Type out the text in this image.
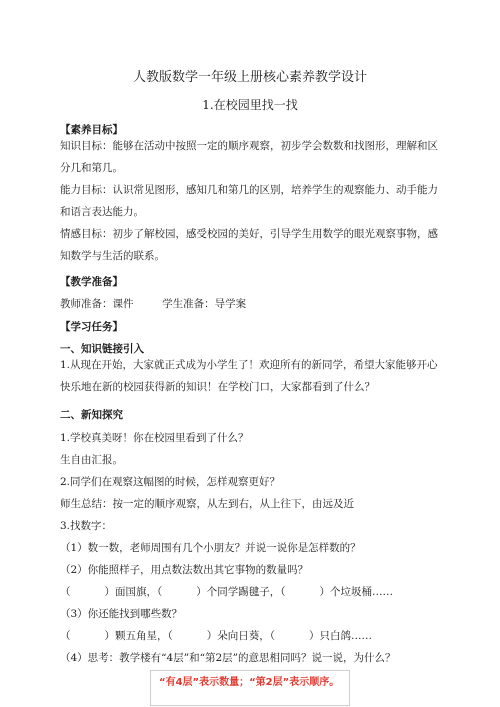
人教版数学一年级上册核心素养教学设计
1.在校园里找一找
【素养目标】
知识目标：能够在活动中按照一定的顺序观察，初步学会数数和找图形，理解和区分几和第几。
能力目标：认识常见图形，感知几和第几的区别，培养学生的观察能力、动手能力和语言表达能力。
情感目标：初步了解校园，感受校园的美好，引导学生用数学的眼光观察事物，感知数学与生活的联系。
【教学准备】
教师准备：课件	学生准备：导学案
【学习任务】
一、知识链接引入
1.从现在开始，大家就正式成为小学生了！欢迎所有的新同学，希望大家能够开心快乐地在新的校园获得新的知识！在学校门口，大家都看到了什么？
二、新知探究
1.学校真美呀！你在校园里看到了什么？
生自由汇报。
2.同学们在观察这幅图的时候，怎样观察更好？
师生总结：按一定的顺序观察，从左到右，从上往下，由远及近
3.找数字：
（1）数一数，老师周围有几个小朋友？并说一说你是怎样数的？
（2）你能照样子，用点数法数出其它事物的数量吗？
（	）面国旗，（	）个同学踢毽子，（	）个垃圾桶……
（3）你还能找到哪些数？
（	）颗五角星，（	）朵向日葵，（	）只白鸽……
（4）思考：教学楼有“4层”和“第2层”的意思相同吗？说一说，为什么？
“有4层”表示数量；“第2层”表示顺序。
